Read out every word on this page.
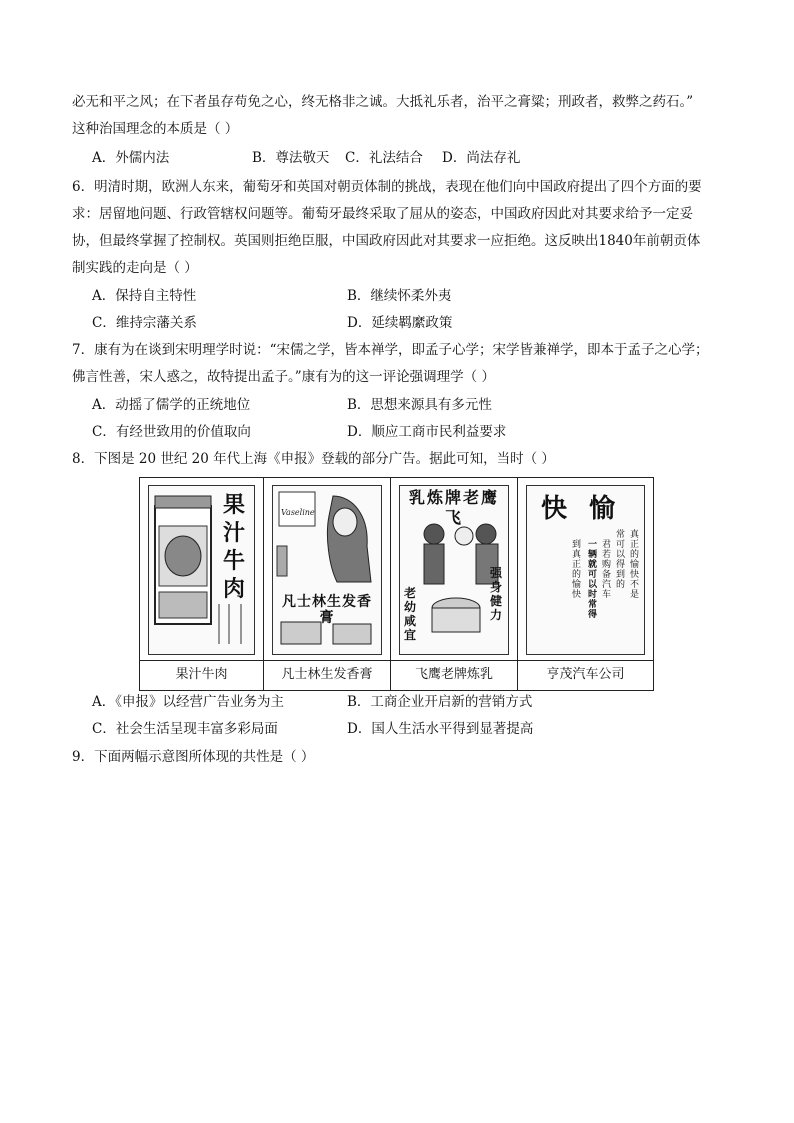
必无和平之风；在下者虽存苟免之心，终无格非之诚。大抵礼乐者，治平之膏粱；刑政者，救弊之药石。”
这种治国理念的本质是（ ）
A．外儒内法	B．尊法敬天 C．礼法结合 D．尚法存礼
6．明清时期，欧洲人东来，葡萄牙和英国对朝贡体制的挑战，表现在他们向中国政府提出了四个方面的要
求：居留地问题、行政管辖权问题等。葡萄牙最终采取了屈从的姿态，中国政府因此对其要求给予一定妥
协，但最终掌握了控制权。英国则拒绝臣服，中国政府因此对其要求一应拒绝。这反映出1840年前朝贡体
制实践的走向是（ ）
A．保持自主特性	B．继续怀柔外夷
C．维持宗藩关系	D．延续羁縻政策
7．康有为在谈到宋明理学时说：“宋儒之学，皆本禅学，即孟子心学；宋学皆兼禅学，即本于孟子之心学；
佛言性善，宋人惑之，故特提出孟子。”康有为的这一评论强调理学（ ）
A．动摇了儒学的正统地位	B．思想来源具有多元性
C．有经世致用的价值取向	D．顺应工商市民利益要求
8．下图是 20 世纪 20 年代上海《申报》登载的部分广告。据此可知，当时（ ）
果
汁
牛
肉
果汁牛肉
Vaseline
凡士林生发香膏
凡士林生发香膏
乳炼牌老鹰飞
老幼咸宜
强身健力
飞鹰老牌炼乳
快 愉
真正的愉快不是
常可以得到的
君若购备汽车
一辆就可以时常得
到真正的愉快
亨茂汽车公司
A．《申报》以经营广告业务为主	B．工商企业开启新的营销方式
C．社会生活呈现丰富多彩局面	D．国人生活水平得到显著提高
9．下面两幅示意图所体现的共性是（ ）
